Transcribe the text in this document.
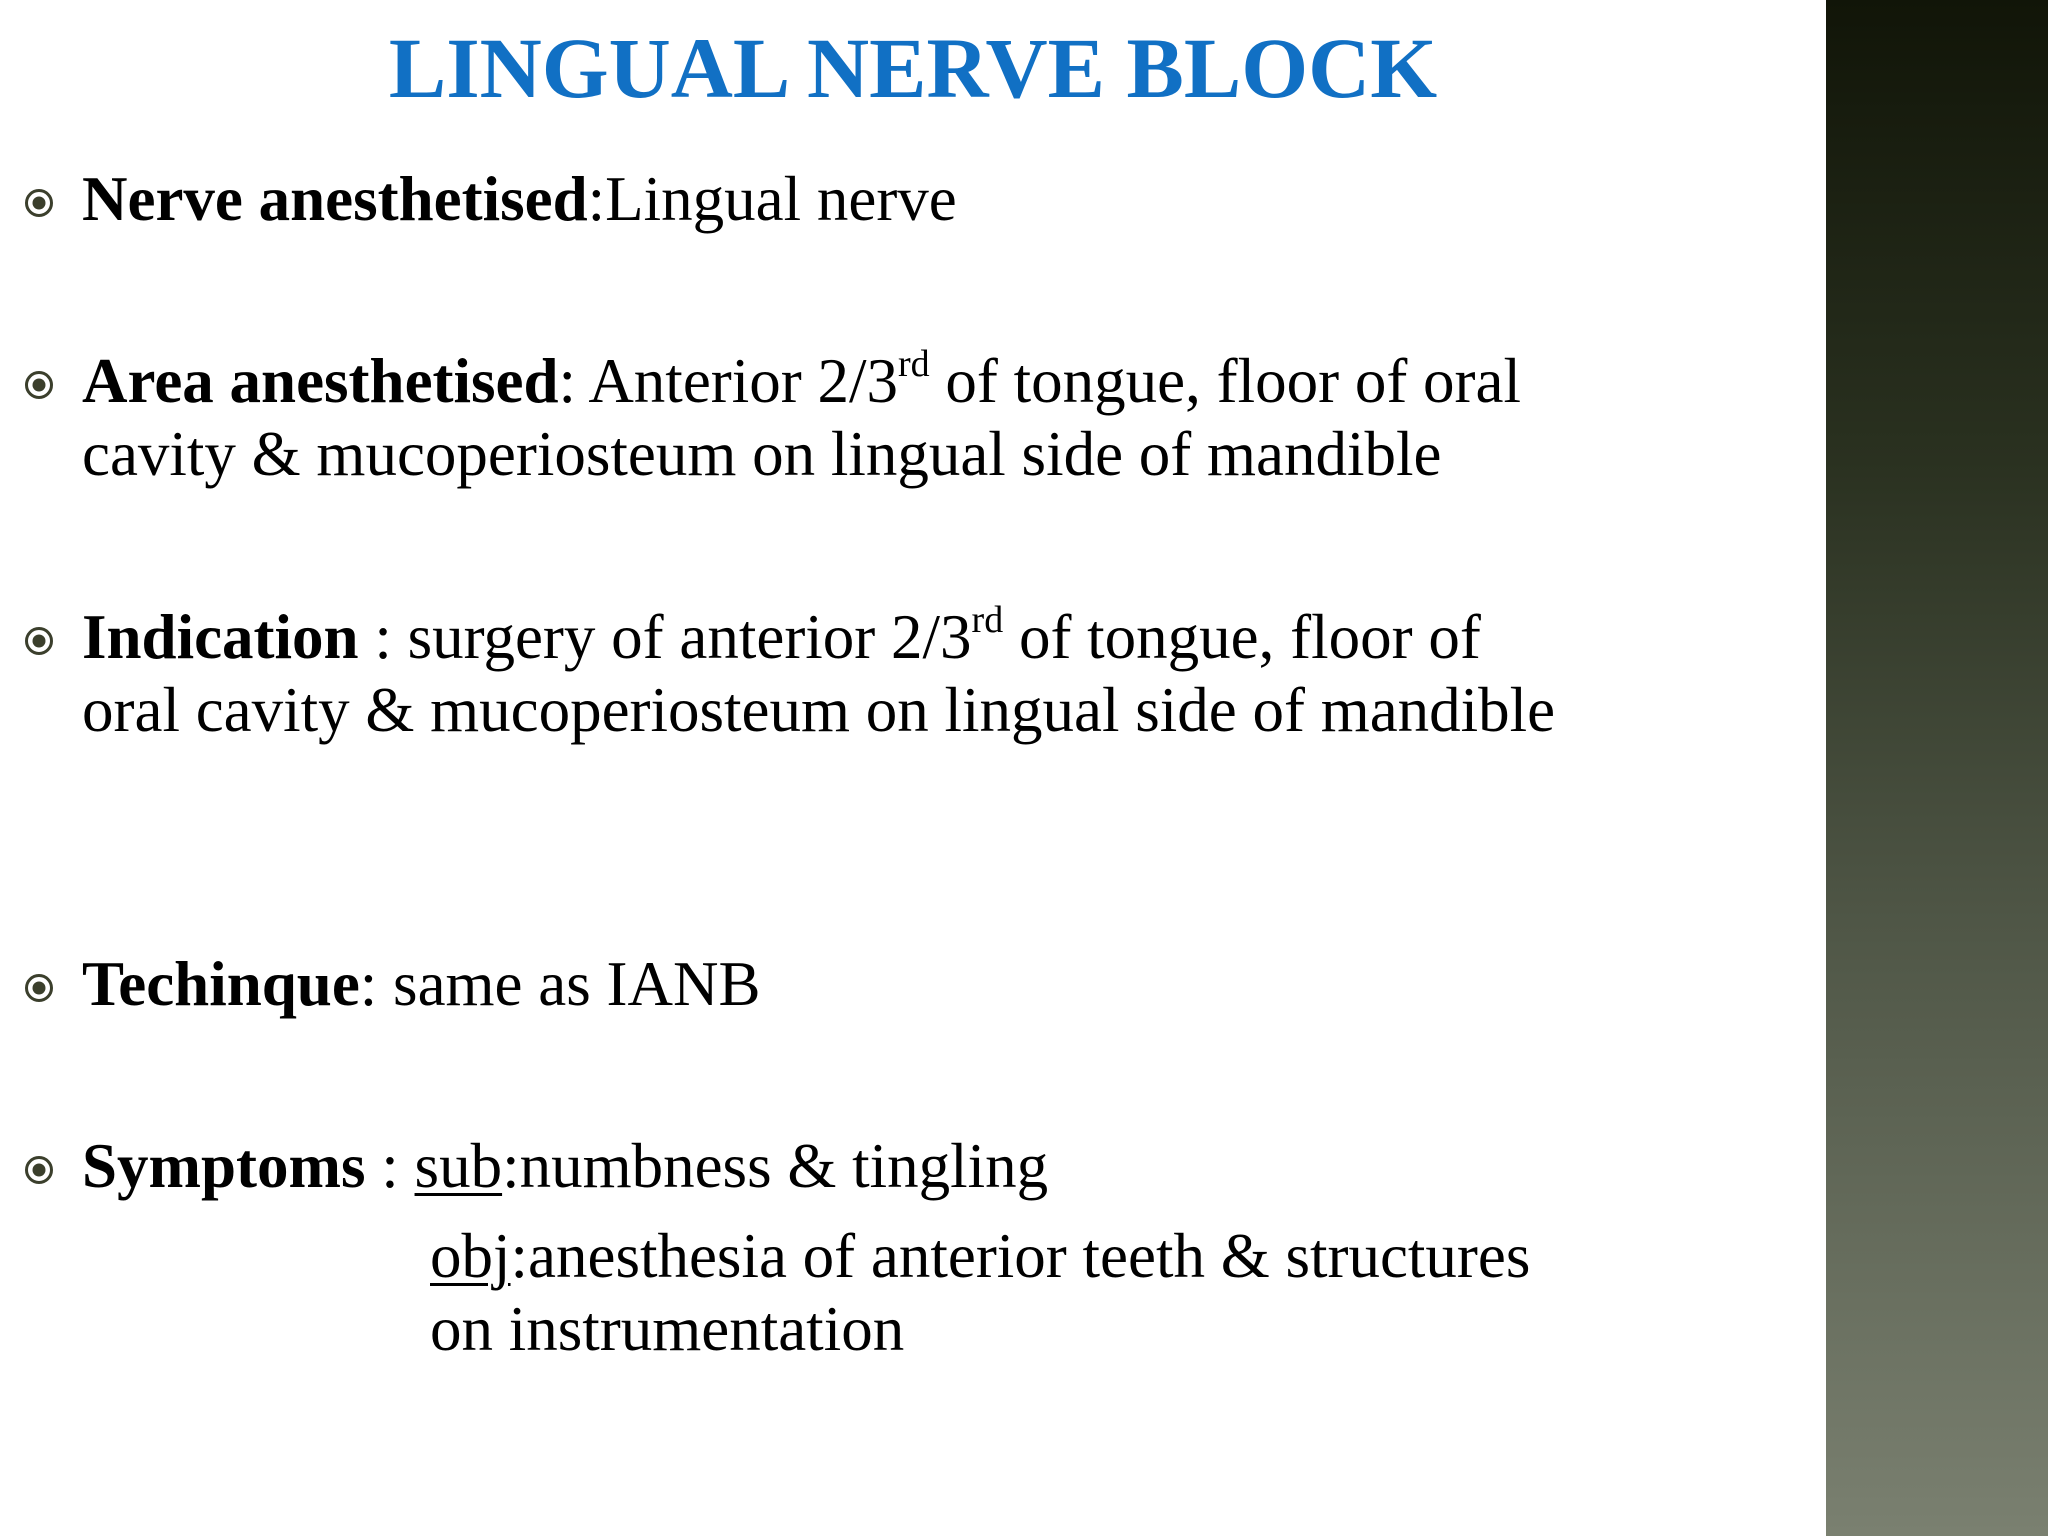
LINGUAL NERVE BLOCK
Nerve anesthetised:Lingual nerve
Area anesthetised: Anterior 2/3rd of tongue, floor of oral
cavity & mucoperiosteum on lingual side of mandible
Indication : surgery of anterior 2/3rd of tongue, floor of
oral cavity & mucoperiosteum on lingual side of mandible
Techinque: same as IANB
Symptoms : sub:numbness & tingling
obj:anesthesia of anterior teeth & structures
on instrumentation
